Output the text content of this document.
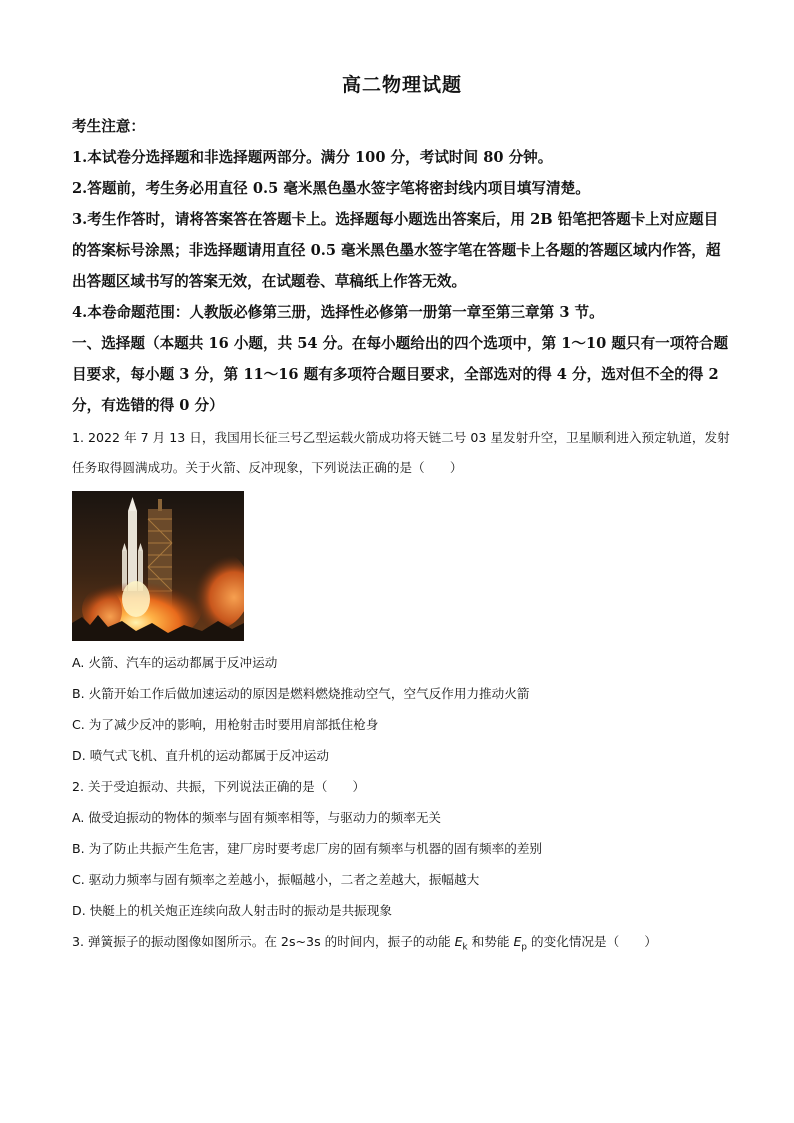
高二物理试题

考生注意：

1.本试卷分选择题和非选择题两部分。满分 100 分，考试时间 80 分钟。

2.答题前，考生务必用直径 0.5 毫米黑色墨水签字笔将密封线内项目填写清楚。

3.考生作答时，请将答案答在答题卡上。选择题每小题选出答案后，用 2B 铅笔把答题卡上对应题目的答案标号涂黑；非选择题请用直径 0.5 毫米黑色墨水签字笔在答题卡上各题的答题区域内作答，超出答题区域书写的答案无效，在试题卷、草稿纸上作答无效。

4.本卷命题范围：人教版必修第三册，选择性必修第一册第一章至第三章第 3 节。

一、选择题（本题共 16 小题，共 54 分。在每小题给出的四个选项中，第 1～10 题只有一项符合题目要求，每小题 3 分，第 11～16 题有多项符合题目要求，全部选对的得 4 分，选对但不全的得 2 分，有选错的得 0 分）

1. 2022 年 7 月 13 日，我国用长征三号乙型运载火箭成功将天链二号 03 星发射升空，卫星顺利进入预定轨道，发射任务取得圆满成功。关于火箭、反冲现象，下列说法正确的是（　　）

A. 火箭、汽车的运动都属于反冲运动

B. 火箭开始工作后做加速运动的原因是燃料燃烧推动空气，空气反作用力推动火箭

C. 为了减少反冲的影响，用枪射击时要用肩部抵住枪身

D. 喷气式飞机、直升机的运动都属于反冲运动

2. 关于受迫振动、共振，下列说法正确的是（　　）

A. 做受迫振动的物体的频率与固有频率相等，与驱动力的频率无关

B. 为了防止共振产生危害，建厂房时要考虑厂房的固有频率与机器的固有频率的差别

C. 驱动力频率与固有频率之差越小，振幅越小，二者之差越大，振幅越大

D. 快艇上的机关炮正连续向敌人射击时的振动是共振现象

3. 弹簧振子的振动图像如图所示。在 2s~3s 的时间内，振子的动能 $E_k$ 和势能 $E_p$ 的变化情况是（　　）
